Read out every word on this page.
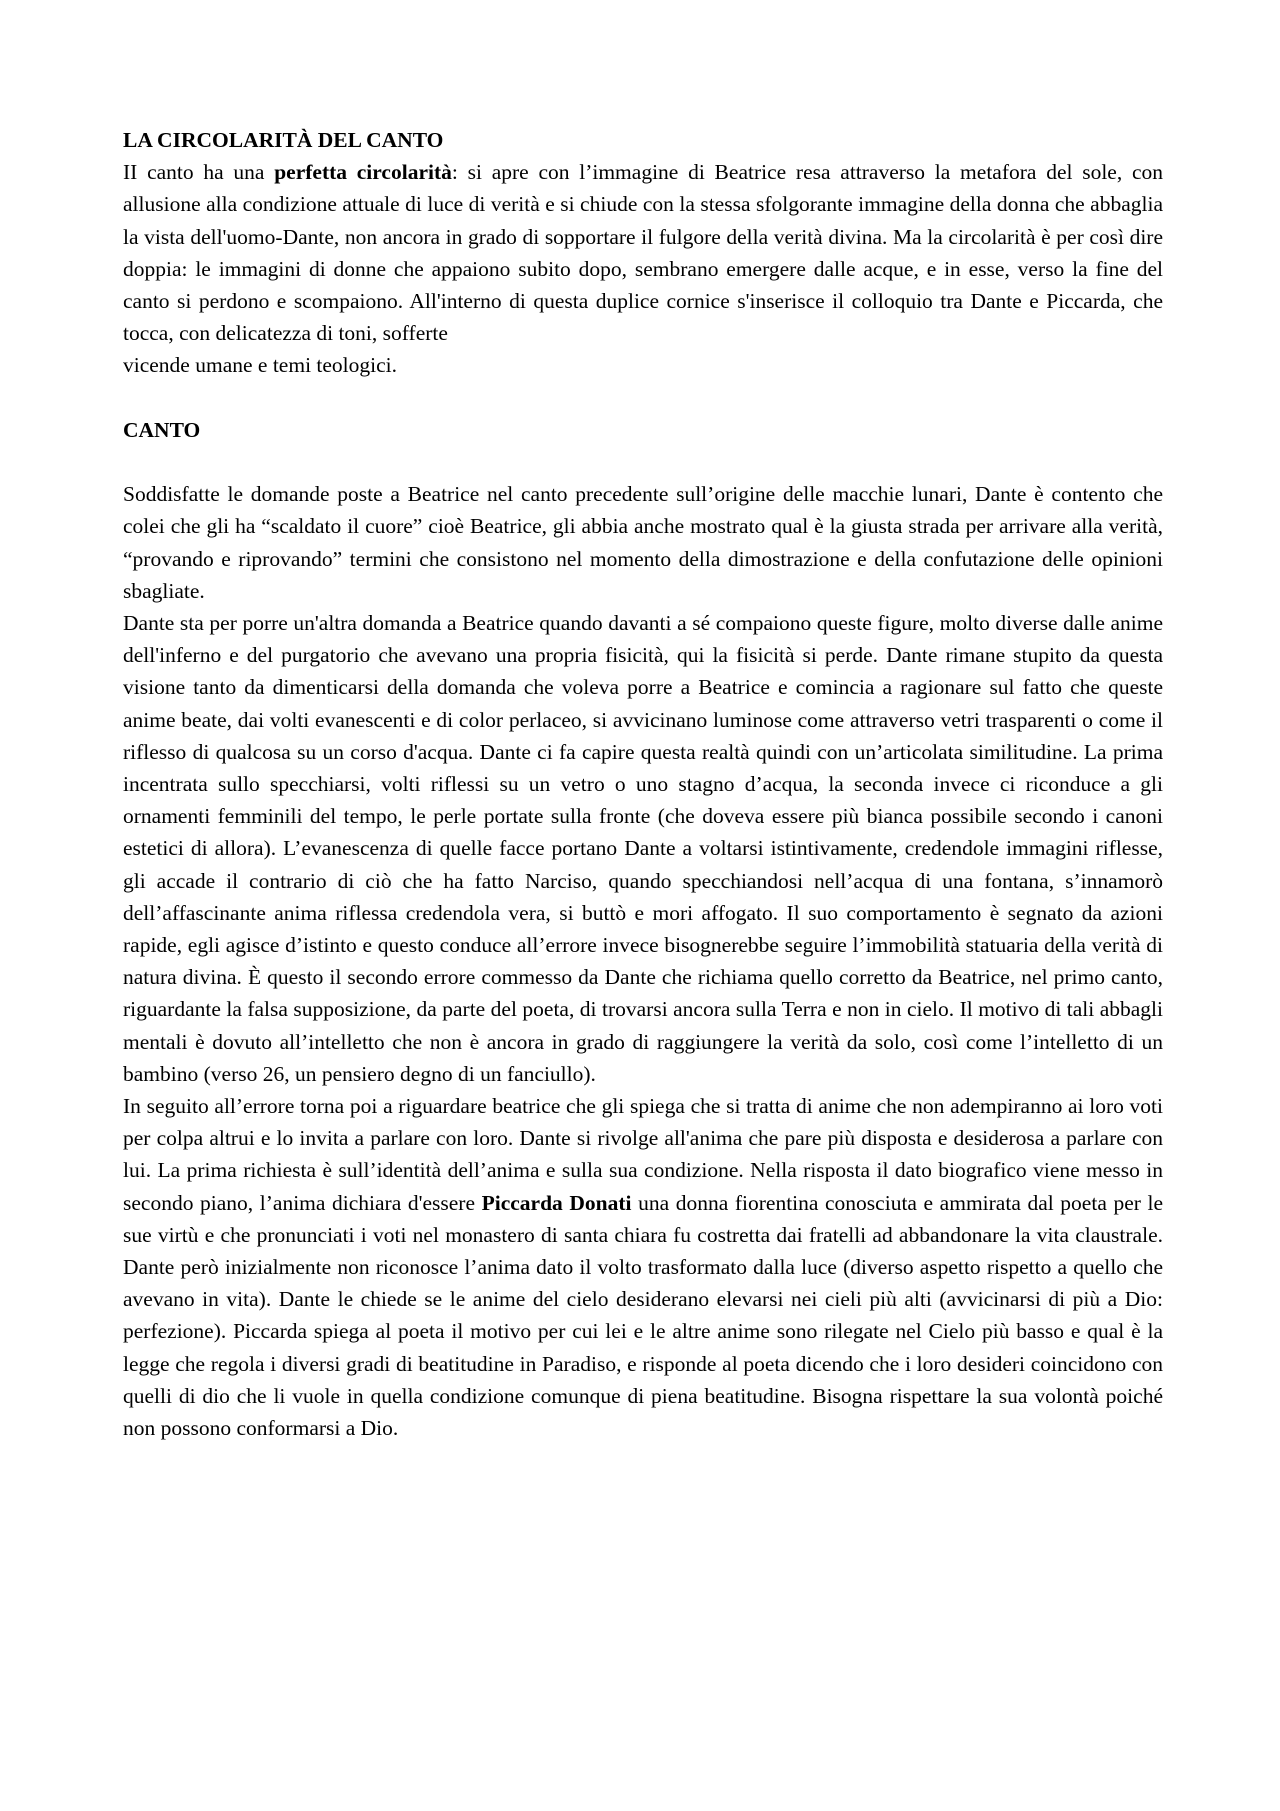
LA CIRCOLARITÀ DEL CANTO

II canto ha una perfetta circolarità: si apre con l’immagine di Beatrice resa attraverso la metafora del sole, con allusione alla condizione attuale di luce di verità e si chiude con la stessa sfolgorante immagine della donna che abbaglia la vista dell'uomo-Dante, non ancora in grado di sopportare il fulgore della verità divina. Ma la circolarità è per così dire doppia: le immagini di donne che appaiono subito dopo, sembrano emergere dalle acque, e in esse, verso la fine del canto si perdono e scompaiono. All'interno di questa duplice cornice s'inserisce il colloquio tra Dante e Piccarda, che tocca, con delicatezza di toni, sofferte

vicende umane e temi teologici.

CANTO

Soddisfatte le domande poste a Beatrice nel canto precedente sull’origine delle macchie lunari, Dante è contento che colei che gli ha “scaldato il cuore” cioè Beatrice, gli abbia anche mostrato qual è la giusta strada per arrivare alla verità, “provando e riprovando” termini che consistono nel momento della dimostrazione e della confutazione delle opinioni sbagliate.

Dante sta per porre un'altra domanda a Beatrice quando davanti a sé compaiono queste figure, molto diverse dalle anime dell'inferno e del purgatorio che avevano una propria fisicità, qui la fisicità si perde. Dante rimane stupito da questa visione tanto da dimenticarsi della domanda che voleva porre a Beatrice e comincia a ragionare sul fatto che queste anime beate, dai volti evanescenti e di color perlaceo, si avvicinano luminose come attraverso vetri trasparenti o come il riflesso di qualcosa su un corso d'acqua. Dante ci fa capire questa realtà quindi con un’articolata similitudine. La prima incentrata sullo specchiarsi, volti riflessi su un vetro o uno stagno d’acqua, la seconda invece ci riconduce a gli ornamenti femminili del tempo, le perle portate sulla fronte (che doveva essere più bianca possibile secondo i canoni estetici di allora). L’evanescenza di quelle facce portano Dante a voltarsi istintivamente, credendole immagini riflesse, gli accade il contrario di ciò che ha fatto Narciso, quando specchiandosi nell’acqua di una fontana, s’innamorò dell’affascinante anima riflessa credendola vera, si buttò e mori affogato. Il suo comportamento è segnato da azioni rapide, egli agisce d’istinto e questo conduce all’errore invece bisognerebbe seguire l’immobilità statuaria della verità di natura divina. È questo il secondo errore commesso da Dante che richiama quello corretto da Beatrice, nel primo canto, riguardante la falsa supposizione, da parte del poeta, di trovarsi ancora sulla Terra e non in cielo. Il motivo di tali abbagli mentali è dovuto all’intelletto che non è ancora in grado di raggiungere la verità da solo, così come l’intelletto di un bambino (verso 26, un pensiero degno di un fanciullo).

In seguito all’errore torna poi a riguardare beatrice che gli spiega che si tratta di anime che non adempiranno ai loro voti per colpa altrui e lo invita a parlare con loro. Dante si rivolge all'anima che pare più disposta e desiderosa a parlare con lui. La prima richiesta è sull’identità dell’anima e sulla sua condizione. Nella risposta il dato biografico viene messo in secondo piano, l’anima dichiara d'essere Piccarda Donati una donna fiorentina conosciuta e ammirata dal poeta per le sue virtù e che pronunciati i voti nel monastero di santa chiara fu costretta dai fratelli ad abbandonare la vita claustrale. Dante però inizialmente non riconosce l’anima dato il volto trasformato dalla luce (diverso aspetto rispetto a quello che avevano in vita). Dante le chiede se le anime del cielo desiderano elevarsi nei cieli più alti (avvicinarsi di più a Dio: perfezione). Piccarda spiega al poeta il motivo per cui lei e le altre anime sono rilegate nel Cielo più basso e qual è la legge che regola i diversi gradi di beatitudine in Paradiso, e risponde al poeta dicendo che i loro desideri coincidono con quelli di dio che li vuole in quella condizione comunque di piena beatitudine. Bisogna rispettare la sua volontà poiché non possono conformarsi a Dio.
